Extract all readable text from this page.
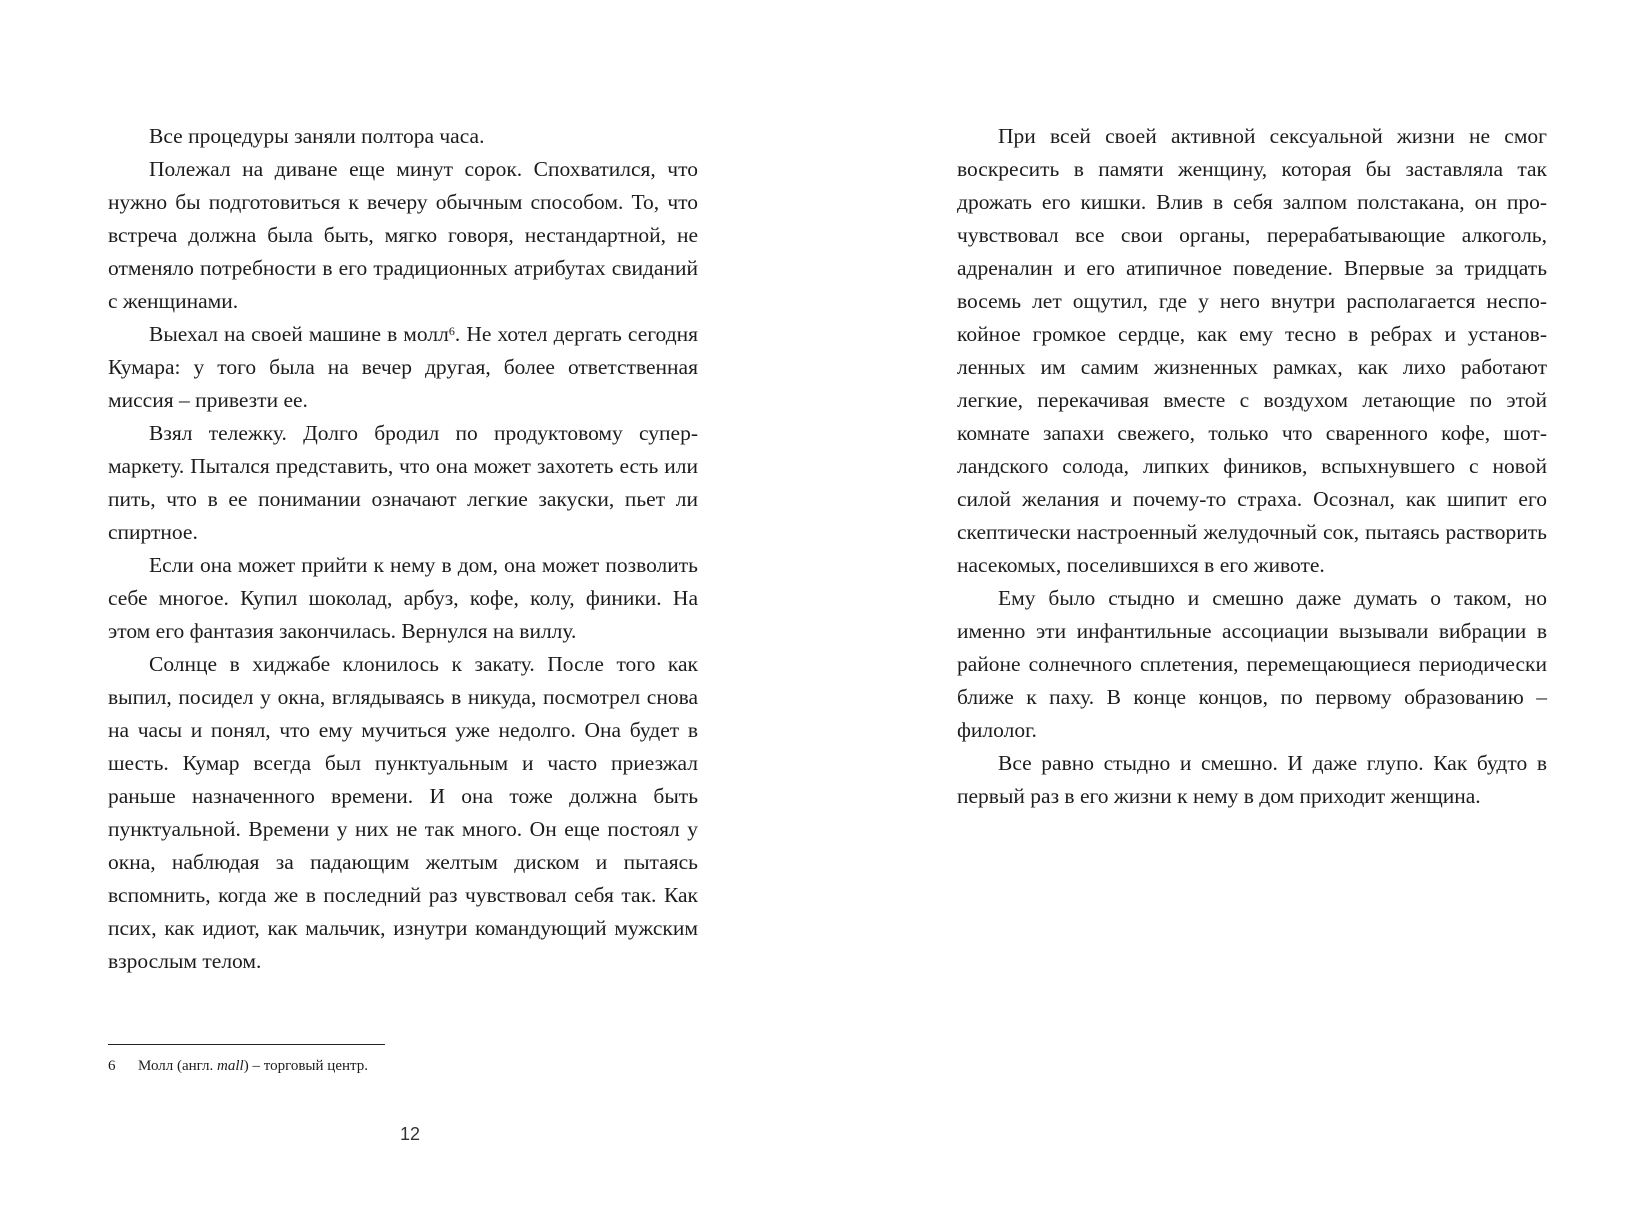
Все процедуры заняли полтора часа.

Полежал на диване еще минут сорок. Спохватился, что нужно бы подготовиться к вечеру обычным способом. То, что встреча должна была быть, мягко говоря, нестандартной, не отменяло потребности в его традиционных атрибутах свиданий с женщинами.

Выехал на своей машине в молл$^6$. Не хотел дергать сегодня Кумара: у того была на вечер другая, более ответственная миссия – привезти ее.

Взял тележку. Долго бродил по продуктовому супермаркету. Пытался представить, что она может захотеть есть или пить, что в ее понимании означают легкие закуски, пьет ли спиртное.

Если она может прийти к нему в дом, она может позволить себе многое. Купил шоколад, арбуз, кофе, колу, финики. На этом его фантазия закончилась. Вернулся на виллу.

Солнце в хиджабе клонилось к закату. После того как выпил, посидел у окна, вглядываясь в никуда, посмотрел снова на часы и понял, что ему мучиться уже недолго. Она будет в шесть. Кумар всегда был пунктуальным и часто приезжал раньше назначенного времени. И она тоже должна быть пунктуальной. Времени у них не так много. Он еще постоял у окна, наблюдая за падающим желтым диском и пытаясь вспомнить, когда же в последний раз чувствовал себя так. Как псих, как идиот, как мальчик, изнутри командующий мужским взрослым телом.

6 Молл (англ. mall) – торговый центр.
12

При всей своей активной сексуальной жизни не смог воскресить в памяти женщину, которая бы заставляла так дрожать его кишки. Влив в себя залпом полстакана, он прочувствовал все свои органы, перерабатывающие алкоголь, адреналин и его атипичное поведение. Впервые за тридцать восемь лет ощутил, где у него внутри располагается неспокойное громкое сердце, как ему тесно в ребрах и установленных им самим жизненных рамках, как лихо работают легкие, перекачивая вместе с воздухом летающие по этой комнате запахи свежего, только что сваренного кофе, шотландского солода, липких фиников, вспыхнувшего с новой силой желания и почему-то страха. Осознал, как шипит его скептически настроенный желудочный сок, пытаясь растворить насекомых, поселившихся в его животе.

Ему было стыдно и смешно даже думать о таком, но именно эти инфантильные ассоциации вызывали вибрации в районе солнечного сплетения, перемещающиеся периодически ближе к паху. В конце концов, по первому образованию – филолог.

Все равно стыдно и смешно. И даже глупо. Как будто в первый раз в его жизни к нему в дом приходит женщина.
